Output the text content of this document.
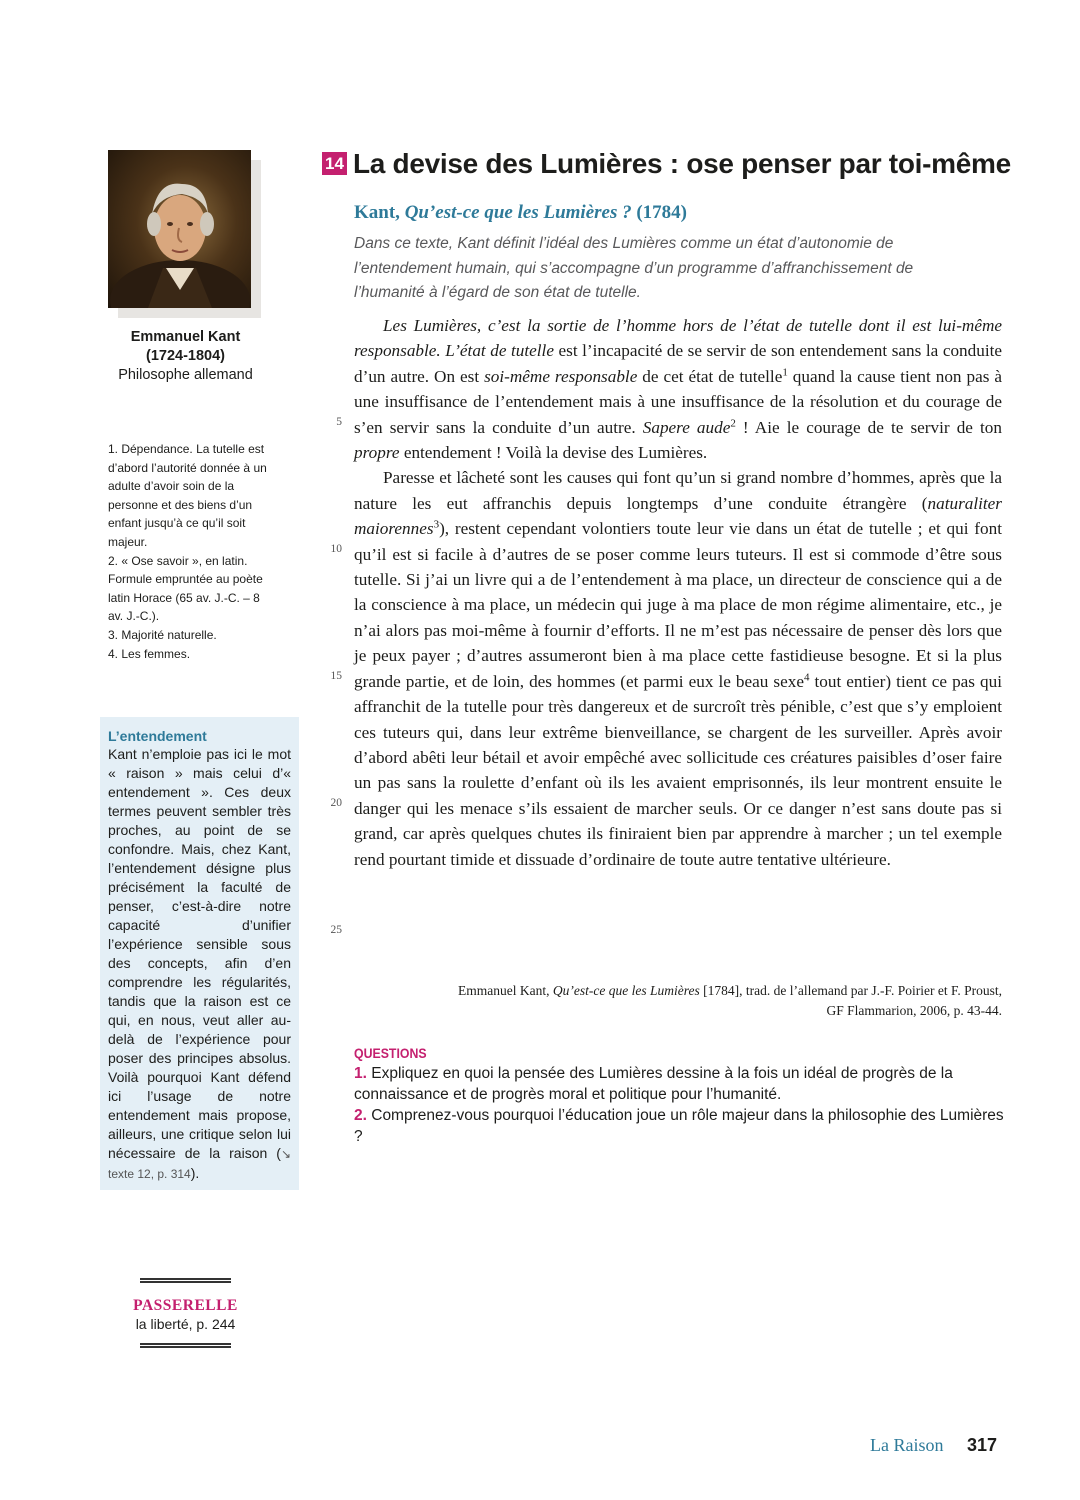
Emmanuel Kant
(1724-1804)
Philosophe allemand

1. Dépendance. La tutelle est d’abord l’autorité donnée à un adulte d’avoir soin de la personne et des biens d’un enfant jusqu’à ce qu’il soit majeur.

2. « Ose savoir », en latin. Formule empruntée au poète latin Horace (65 av. J.-C. – 8 av. J.-C.).

3. Majorité naturelle.

4. Les femmes.

L’entendement

Kant n’emploie pas ici le mot « raison » mais celui d’« entendement ». Ces deux termes peuvent sembler très proches, au point de se confondre. Mais, chez Kant, l’entendement désigne plus précisément la faculté de penser, c’est-à-dire notre capacité d’unifier l’expérience sensible sous des concepts, afin d’en comprendre les régularités, tandis que la raison est ce qui, en nous, veut aller au-delà de l’expérience pour poser des principes absolus. Voilà pourquoi Kant défend ici l’usage de notre entendement mais propose, ailleurs, une critique selon lui nécessaire de la raison (↘ texte 12, p. 314).

PASSERELLE
la liberté, p. 244
14 La devise des Lumières : ose penser par toi-même
Kant, Qu’est-ce que les Lumières ? (1784)
Dans ce texte, Kant définit l’idéal des Lumières comme un état d’autonomie de l’entendement humain, qui s’accompagne d’un programme d’affranchissement de l’humanité à l’égard de son état de tutelle.
5
10
15
20
25

Les Lumières, c’est la sortie de l’homme hors de l’état de tutelle dont il est lui-même responsable. L’état de tutelle est l’incapacité de se servir de son entendement sans la conduite d’un autre. On est soi-même responsable de cet état de tutelle$^1$ quand la cause tient non pas à une insuffisance de l’entendement mais à une insuffisance de la résolution et du courage de s’en servir sans la conduite d’un autre. Sapere aude$^2$ ! Aie le courage de te servir de ton propre entendement ! Voilà la devise des Lumières.

Paresse et lâcheté sont les causes qui font qu’un si grand nombre d’hommes, après que la nature les eut affranchis depuis longtemps d’une conduite étrangère (naturaliter maiorennes$^3$), restent cependant volontiers toute leur vie dans un état de tutelle ; et qui font qu’il est si facile à d’autres de se poser comme leurs tuteurs. Il est si commode d’être sous tutelle. Si j’ai un livre qui a de l’entendement à ma place, un directeur de conscience qui a de la conscience à ma place, un médecin qui juge à ma place de mon régime alimentaire, etc., je n’ai alors pas moi-même à fournir d’efforts. Il ne m’est pas nécessaire de penser dès lors que je peux payer ; d’autres assumeront bien à ma place cette fastidieuse besogne. Et si la plus grande partie, et de loin, des hommes (et parmi eux le beau sexe$^4$ tout entier) tient ce pas qui affranchit de la tutelle pour très dangereux et de surcroît très pénible, c’est que s’y emploient ces tuteurs qui, dans leur extrême bienveillance, se chargent de les surveiller. Après avoir d’abord abêti leur bétail et avoir empêché avec sollicitude ces créatures paisibles d’oser faire un pas sans la roulette d’enfant où ils les avaient emprisonnés, ils leur montrent ensuite le danger qui les menace s’ils essaient de marcher seuls. Or ce danger n’est sans doute pas si grand, car après quelques chutes ils finiraient bien par apprendre à marcher ; un tel exemple rend pourtant timide et dissuade d’ordinaire de toute autre tentative ultérieure.

Emmanuel Kant, Qu’est-ce que les Lumières [1784], trad. de l’allemand par J.-F. Poirier et F. Proust,
GF Flammarion, 2006, p. 43-44.
QUESTIONS

1. Expliquez en quoi la pensée des Lumières dessine à la fois un idéal de progrès de la connaissance et de progrès moral et politique pour l’humanité.

2. Comprenez-vous pourquoi l’éducation joue un rôle majeur dans la philosophie des Lumières ?

La Raison 317
